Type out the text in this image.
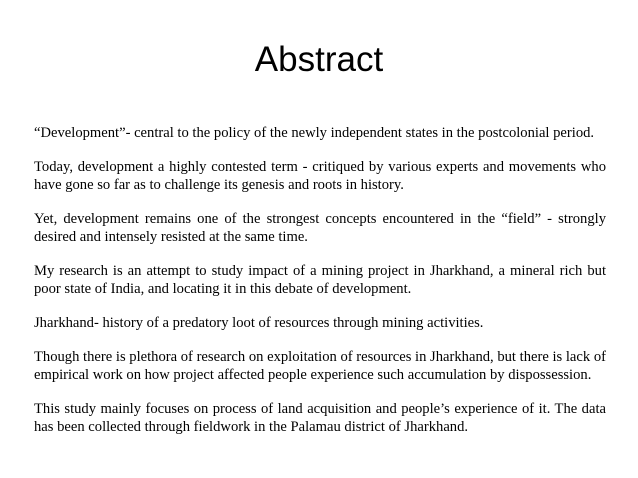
Abstract

“Development”- central to the policy of the newly independent states in the postcolonial period.

Today, development a highly contested term - critiqued by various experts and movements who have gone so far as to challenge its genesis and roots in history.

Yet, development remains one of the strongest concepts encountered in the “field” - strongly desired and intensely resisted at the same time.

My research is an attempt to study impact of a mining project in Jharkhand, a mineral rich but poor state of India, and locating it in this debate of development.

Jharkhand- history of a predatory loot of resources through mining activities.

Though there is plethora of research on exploitation of resources in Jharkhand, but there is lack of empirical work on how project affected people experience such accumulation by dispossession.

This study mainly focuses on process of land acquisition and people’s experience of it. The data has been collected through fieldwork in the Palamau district of Jharkhand.
